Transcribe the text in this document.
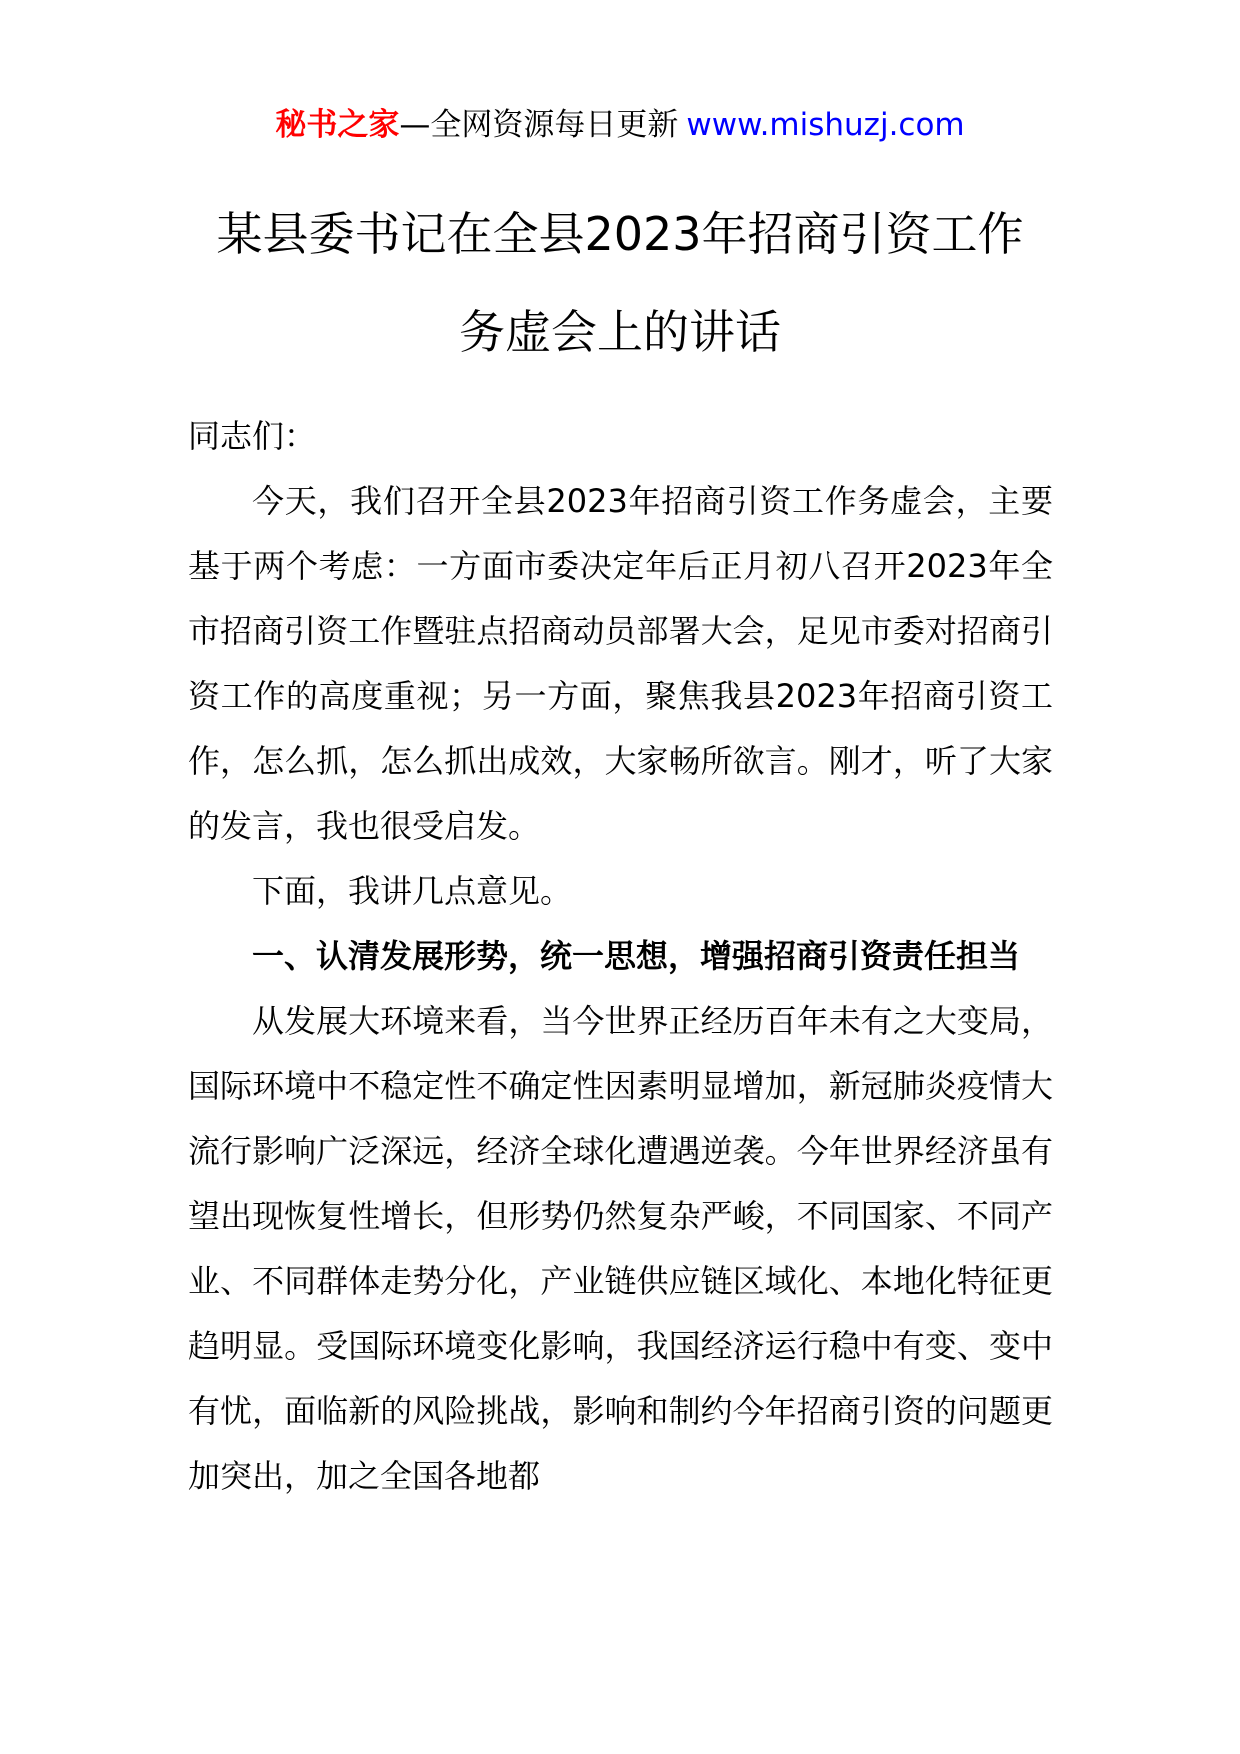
秘书之家—全网资源每日更新 www.mishuzj.com
某县委书记在全县2023年招商引资工作
务虚会上的讲话

同志们：

今天，我们召开全县2023年招商引资工作务虚会，主要基于两个考虑：一方面市委决定年后正月初八召开2023年全市招商引资工作暨驻点招商动员部署大会，足见市委对招商引资工作的高度重视；另一方面，聚焦我县2023年招商引资工作，怎么抓，怎么抓出成效，大家畅所欲言。刚才，听了大家的发言，我也很受启发。

下面，我讲几点意见。

一、认清发展形势，统一思想，增强招商引资责任担当

从发展大环境来看，当今世界正经历百年未有之大变局，国际环境中不稳定性不确定性因素明显增加，新冠肺炎疫情大流行影响广泛深远，经济全球化遭遇逆袭。今年世界经济虽有望出现恢复性增长，但形势仍然复杂严峻，不同国家、不同产业、不同群体走势分化，产业链供应链区域化、本地化特征更趋明显。受国际环境变化影响，我国经济运行稳中有变、变中有忧，面临新的风险挑战，影响和制约今年招商引资的问题更加突出，加之全国各地都
